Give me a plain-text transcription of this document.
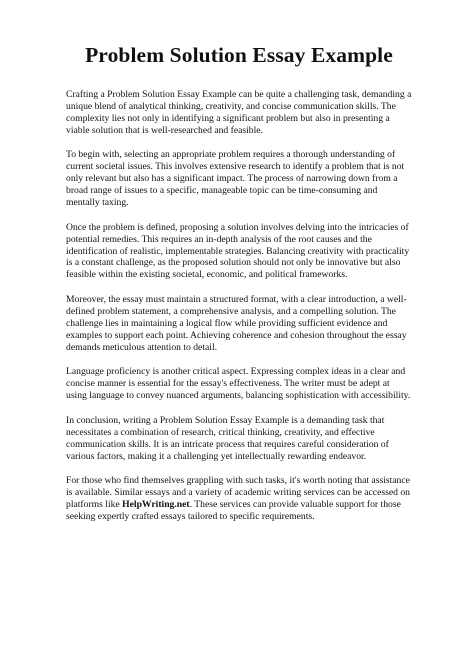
Problem Solution Essay Example

Crafting a Problem Solution Essay Example can be quite a challenging task, demanding a unique blend of analytical thinking, creativity, and concise communication skills. The complexity lies not only in identifying a significant problem but also in presenting a viable solution that is well-researched and feasible.

To begin with, selecting an appropriate problem requires a thorough understanding of current societal issues. This involves extensive research to identify a problem that is not only relevant but also has a significant impact. The process of narrowing down from a broad range of issues to a specific, manageable topic can be time-consuming and mentally taxing.

Once the problem is defined, proposing a solution involves delving into the intricacies of potential remedies. This requires an in-depth analysis of the root causes and the identification of realistic, implementable strategies. Balancing creativity with practicality is a constant challenge, as the proposed solution should not only be innovative but also feasible within the existing societal, economic, and political frameworks.

Moreover, the essay must maintain a structured format, with a clear introduction, a well-defined problem statement, a comprehensive analysis, and a compelling solution. The challenge lies in maintaining a logical flow while providing sufficient evidence and examples to support each point. Achieving coherence and cohesion throughout the essay demands meticulous attention to detail.

Language proficiency is another critical aspect. Expressing complex ideas in a clear and concise manner is essential for the essay's effectiveness. The writer must be adept at using language to convey nuanced arguments, balancing sophistication with accessibility.

In conclusion, writing a Problem Solution Essay Example is a demanding task that necessitates a combination of research, critical thinking, creativity, and effective communication skills. It is an intricate process that requires careful consideration of various factors, making it a challenging yet intellectually rewarding endeavor.

For those who find themselves grappling with such tasks, it's worth noting that assistance is available. Similar essays and a variety of academic writing services can be accessed on platforms like HelpWriting.net. These services can provide valuable support for those seeking expertly crafted essays tailored to specific requirements.
